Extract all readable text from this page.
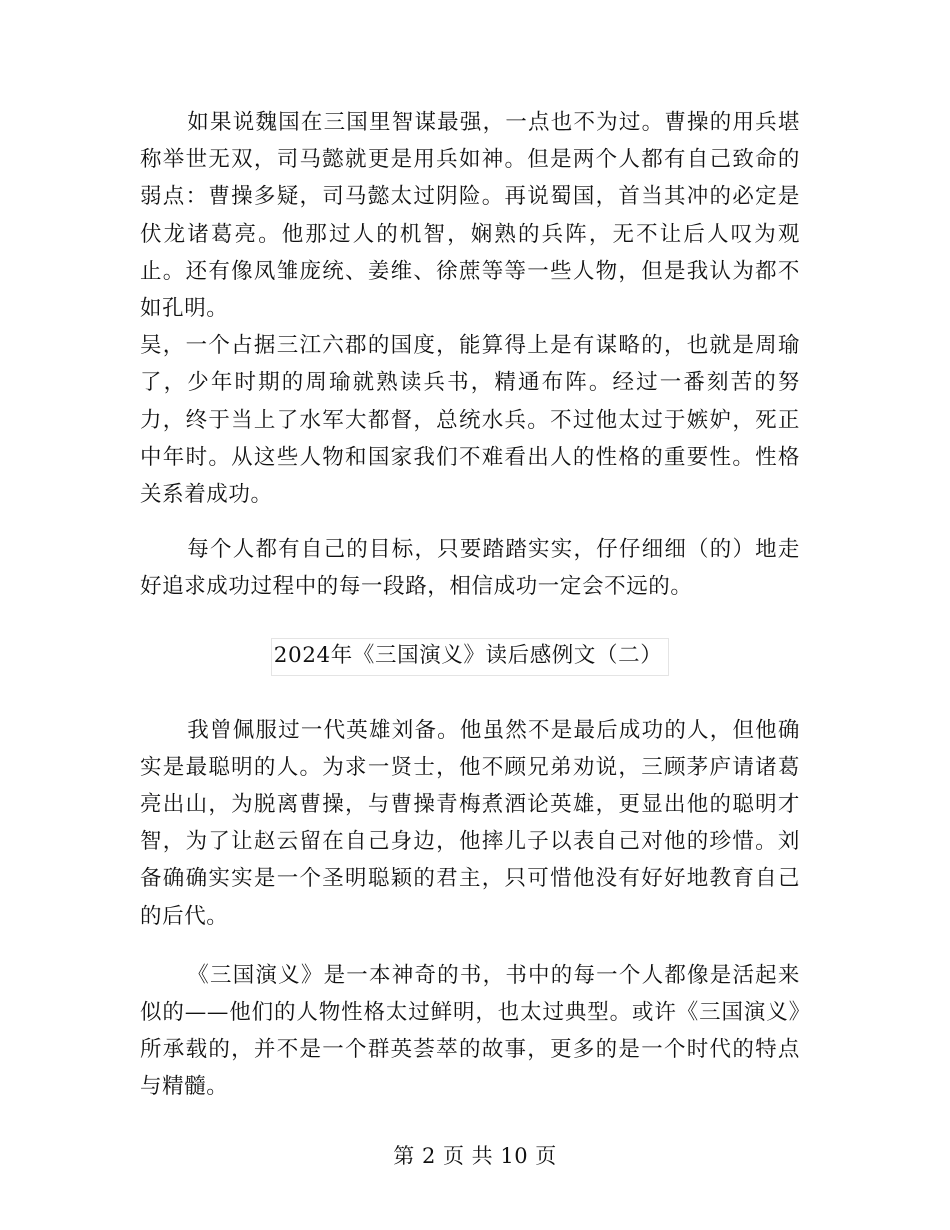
如果说魏国在三国里智谋最强，一点也不为过。曹操的用兵堪称举世无双，司马懿就更是用兵如神。但是两个人都有自己致命的弱点：曹操多疑，司马懿太过阴险。再说蜀国，首当其冲的必定是伏龙诸葛亮。他那过人的机智，娴熟的兵阵，无不让后人叹为观止。还有像凤雏庞统、姜维、徐蔗等等一些人物，但是我认为都不如孔明。
吴，一个占据三江六郡的国度，能算得上是有谋略的，也就是周瑜了，少年时期的周瑜就熟读兵书，精通布阵。经过一番刻苦的努力，终于当上了水军大都督，总统水兵。不过他太过于嫉妒，死正中年时。从这些人物和国家我们不难看出人的性格的重要性。性格关系着成功。

每个人都有自己的目标，只要踏踏实实，仔仔细细（的）地走好追求成功过程中的每一段路，相信成功一定会不远的。

2024年《三国演义》读后感例文（二）

我曾佩服过一代英雄刘备。他虽然不是最后成功的人，但他确实是最聪明的人。为求一贤士，他不顾兄弟劝说，三顾茅庐请诸葛亮出山，为脱离曹操，与曹操青梅煮酒论英雄，更显出他的聪明才智，为了让赵云留在自己身边，他摔儿子以表自己对他的珍惜。刘备确确实实是一个圣明聪颖的君主，只可惜他没有好好地教育自己的后代。

《三国演义》是一本神奇的书，书中的每一个人都像是活起来似的——他们的人物性格太过鲜明，也太过典型。或许《三国演义》所承载的，并不是一个群英荟萃的故事，更多的是一个时代的特点与精髓。

第 2 页 共 10 页
